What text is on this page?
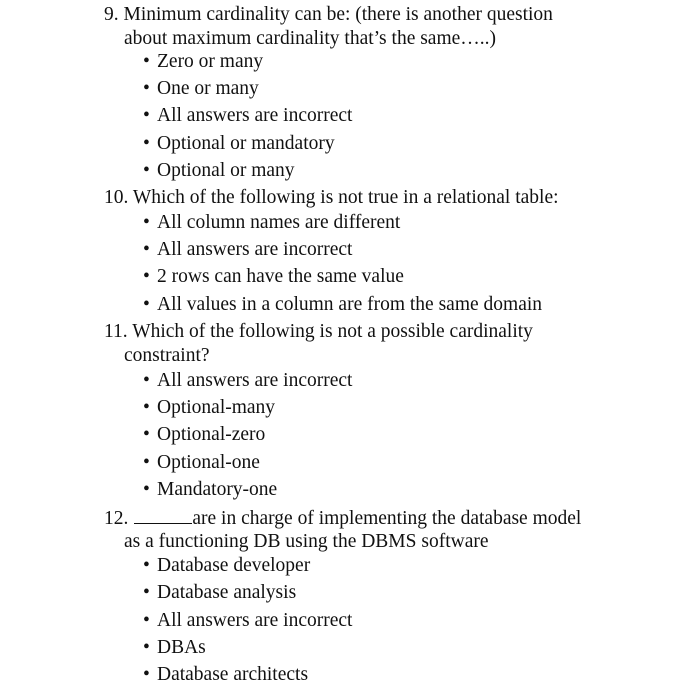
9. Minimum cardinality can be: (there is another question
about maximum cardinality that’s the same…..)
• Zero or many
• One or many
• All answers are incorrect
• Optional or mandatory
• Optional or many
10. Which of the following is not true in a relational table:
• All column names are different
• All answers are incorrect
• 2 rows can have the same value
• All values in a column are from the same domain
11. Which of the following is not a possible cardinality
constraint?
• All answers are incorrect
• Optional-many
• Optional-zero
• Optional-one
• Mandatory-one
12.	are in charge of implementing the database model
as a functioning DB using the DBMS software
• Database developer
• Database analysis
• All answers are incorrect
• DBAs
• Database architects
